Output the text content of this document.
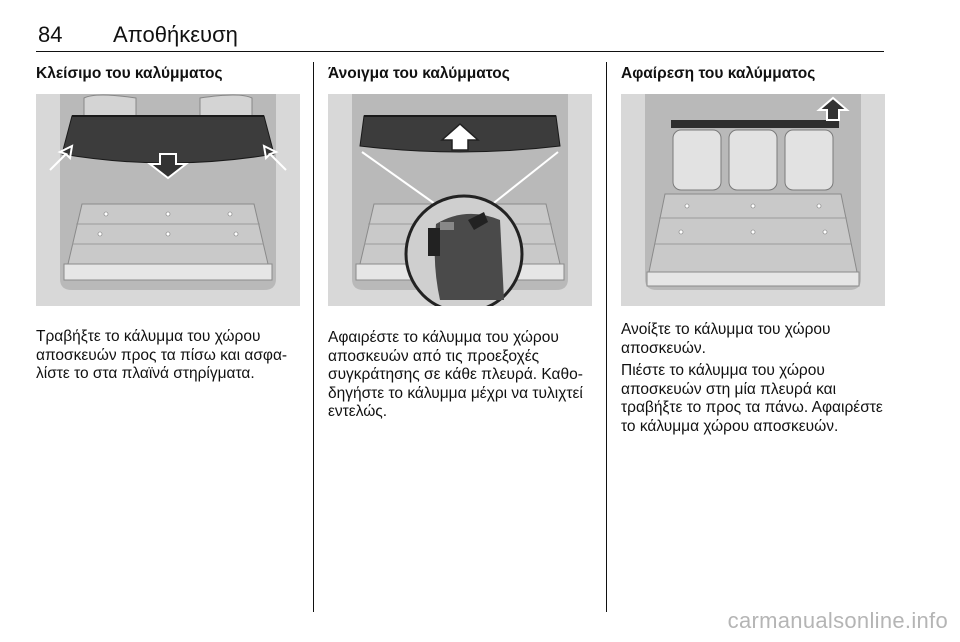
84 Αποθήκευση
Κλείσιμο του καλύμματος

Τραβήξτε το κάλυμμα του χώρου αποσκευών προς τα πίσω και ασφα-λίστε το στα πλαϊνά στηρίγματα.

Άνοιγμα του καλύμματος

Αφαιρέστε το κάλυμμα του χώρου αποσκευών από τις προεξοχές συγκράτησης σε κάθε πλευρά. Καθο-δηγήστε το κάλυμμα μέχρι να τυλιχτεί εντελώς.

Αφαίρεση του καλύμματος

Ανοίξτε το κάλυμμα του χώρου αποσκευών.

Πιέστε το κάλυμμα του χώρου αποσκευών στη μία πλευρά και τραβήξτε το προς τα πάνω. Αφαιρέστε το κάλυμμα χώρου αποσκευών.

carmanualsonline.info
